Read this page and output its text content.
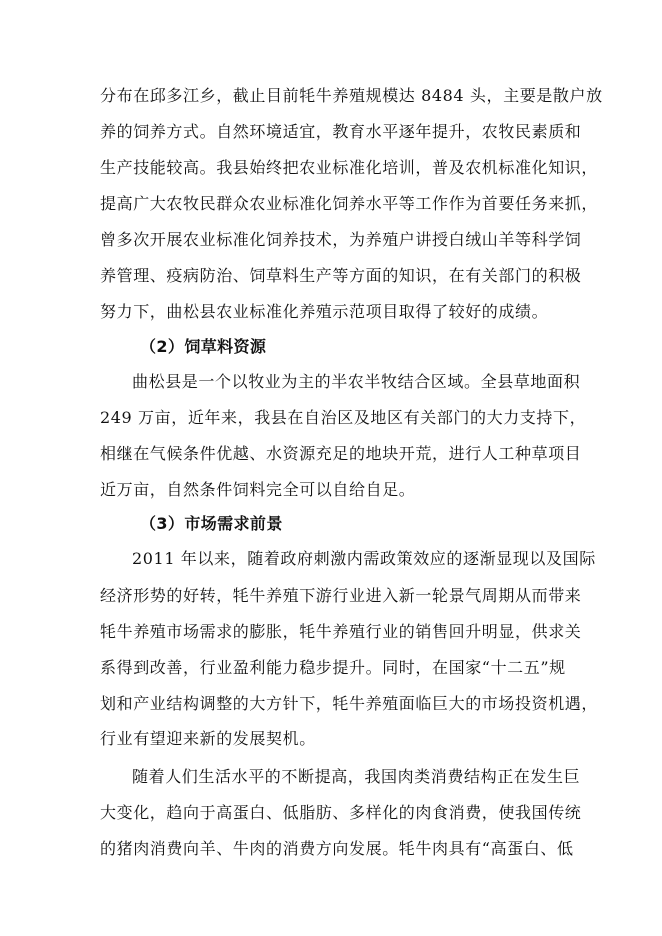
分布在邱多江乡，截止目前牦牛养殖规模达 8484 头，主要是散户放
养的饲养方式。自然环境适宜，教育水平逐年提升，农牧民素质和
生产技能较高。我县始终把农业标准化培训，普及农机标准化知识，
提高广大农牧民群众农业标准化饲养水平等工作作为首要任务来抓，
曾多次开展农业标准化饲养技术，为养殖户讲授白绒山羊等科学饲
养管理、疫病防治、饲草料生产等方面的知识，在有关部门的积极
努力下，曲松县农业标准化养殖示范项目取得了较好的成绩。
（2）饲草料资源
曲松县是一个以牧业为主的半农半牧结合区域。全县草地面积
249 万亩，近年来，我县在自治区及地区有关部门的大力支持下，
相继在气候条件优越、水资源充足的地块开荒，进行人工种草项目
近万亩，自然条件饲料完全可以自给自足。
（3）市场需求前景
2011 年以来，随着政府刺激内需政策效应的逐渐显现以及国际
经济形势的好转，牦牛养殖下游行业进入新一轮景气周期从而带来
牦牛养殖市场需求的膨胀，牦牛养殖行业的销售回升明显，供求关
系得到改善，行业盈利能力稳步提升。同时，在国家“十二五”规
划和产业结构调整的大方针下，牦牛养殖面临巨大的市场投资机遇，
行业有望迎来新的发展契机。
随着人们生活水平的不断提高，我国肉类消费结构正在发生巨
大变化，趋向于高蛋白、低脂肪、多样化的肉食消费，使我国传统
的猪肉消费向羊、牛肉的消费方向发展。牦牛肉具有“高蛋白、低
